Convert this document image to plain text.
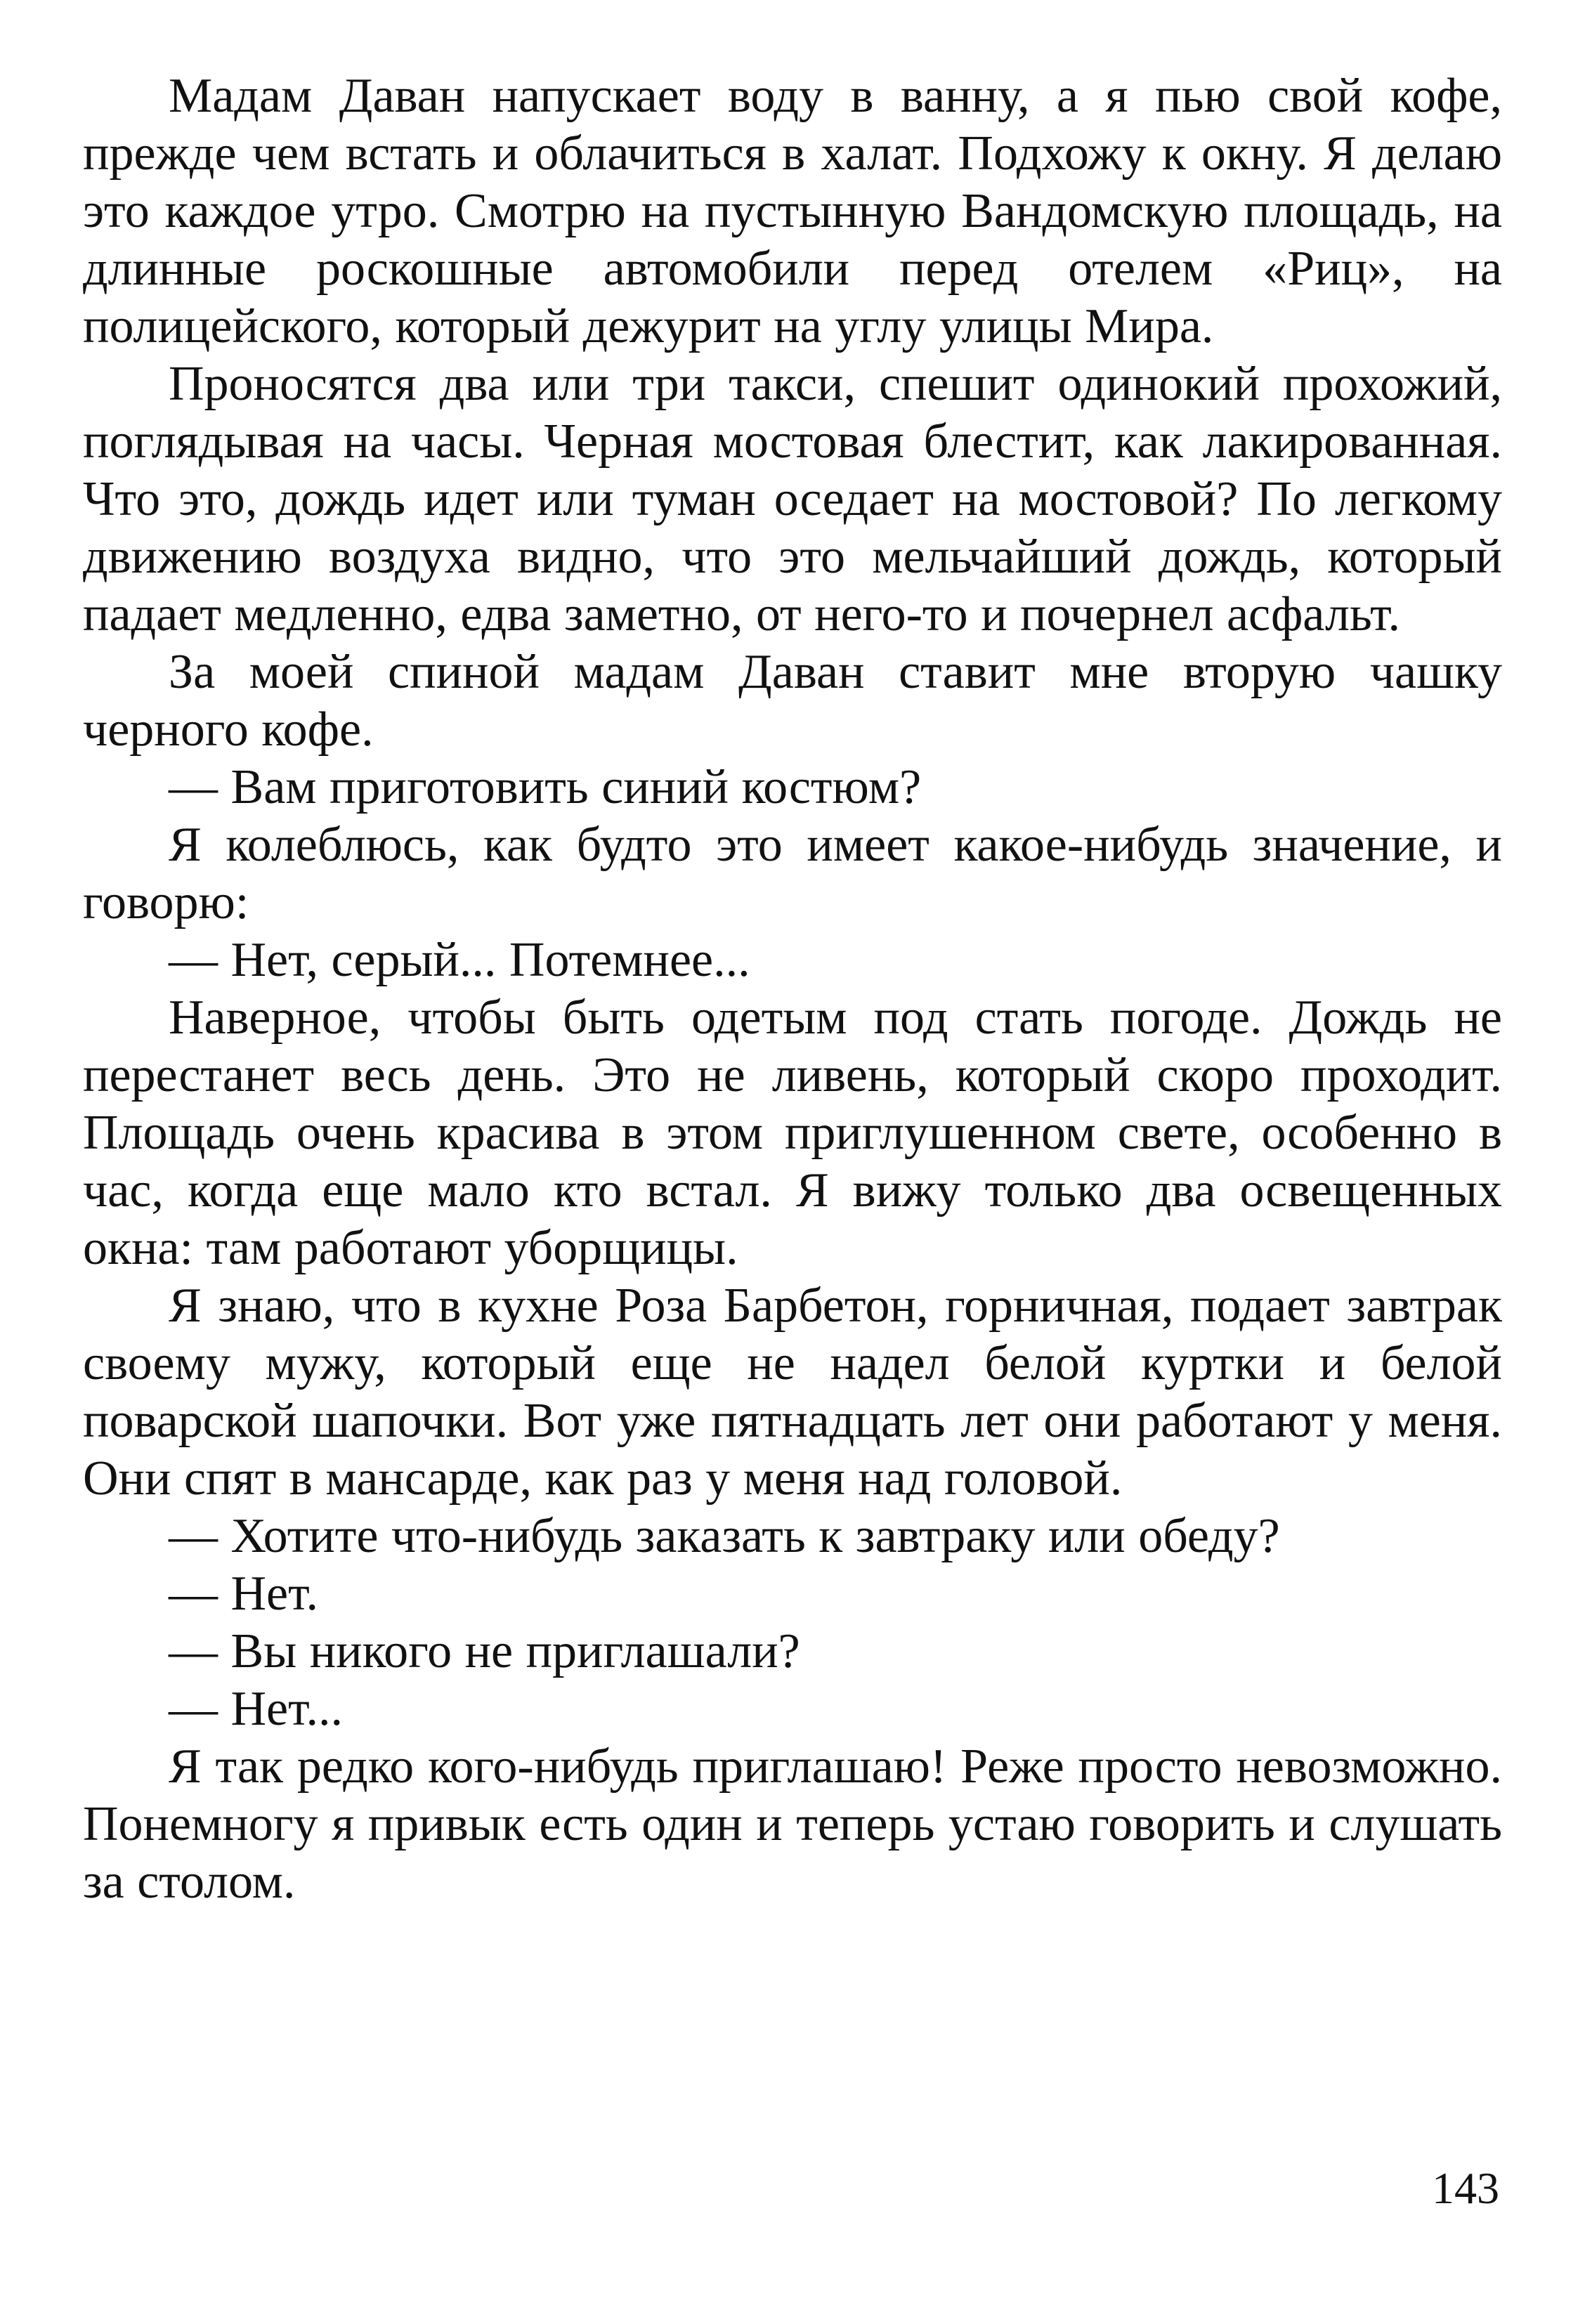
Мадам Даван напускает воду в ванну, а я пью свой кофе, прежде чем встать и облачиться в халат. Подхожу к окну. Я делаю это каждое утро. Смотрю на пустынную Вандомскую площадь, на длинные роскошные автомобили перед отелем «Риц», на полицейского, который дежурит на углу улицы Мира.

Проносятся два или три такси, спешит одинокий прохожий, поглядывая на часы. Черная мостовая блестит, как лакированная. Что это, дождь идет или туман оседает на мостовой? По легкому движению воздуха видно, что это мельчайший дождь, который падает медленно, едва заметно, от него-то и почернел асфальт.

За моей спиной мадам Даван ставит мне вторую чашку черного кофе.

— Вам приготовить синий костюм?

Я колеблюсь, как будто это имеет какое-нибудь значение, и говорю:

— Нет, серый... Потемнее...

Наверное, чтобы быть одетым под стать погоде. Дождь не перестанет весь день. Это не ливень, который скоро проходит. Площадь очень красива в этом приглушенном свете, особенно в час, когда еще мало кто встал. Я вижу только два освещенных окна: там работают уборщицы.

Я знаю, что в кухне Роза Барбетон, горничная, подает завтрак своему мужу, который еще не надел белой куртки и белой поварской шапочки. Вот уже пятнадцать лет они работают у меня. Они спят в мансарде, как раз у меня над головой.

— Хотите что-нибудь заказать к завтраку или обеду?

— Нет.

— Вы никого не приглашали?

— Нет...

Я так редко кого-нибудь приглашаю! Реже просто невозможно. Понемногу я привык есть один и теперь устаю говорить и слушать за столом.

143
